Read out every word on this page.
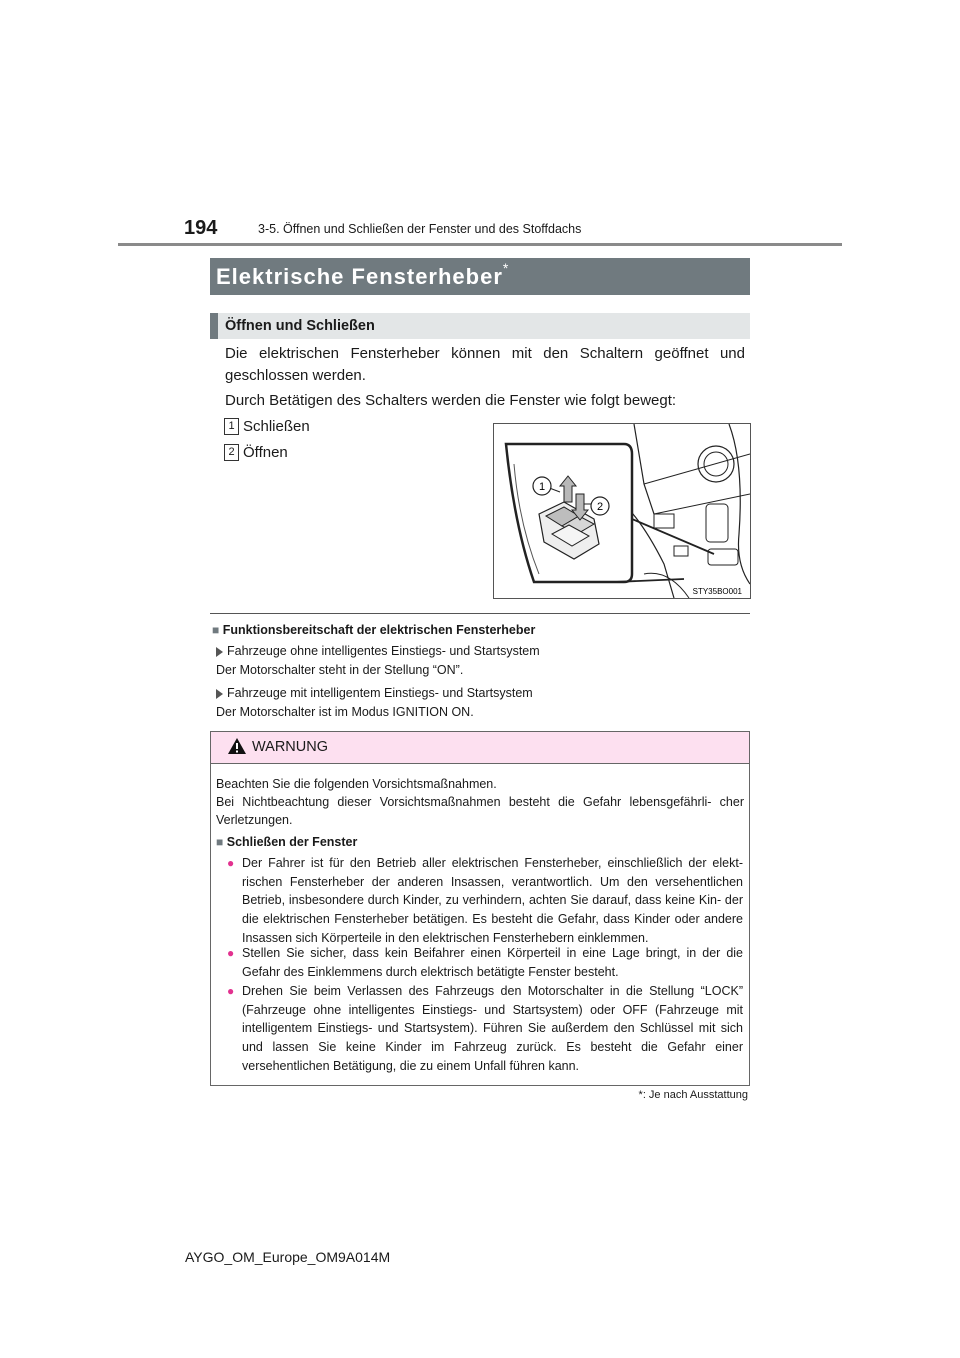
194	3-5. Öffnen und Schließen der Fenster und des Stoffdachs
Elektrische Fensterheber*
Öffnen und Schließen
Die elektrischen Fensterheber können mit den Schaltern geöffnet und geschlossen werden.
Durch Betätigen des Schalters werden die Fenster wie folgt bewegt:
1 Schließen
2 Öffnen
1
2
STY35BO001
■ Funktionsbereitschaft der elektrischen Fensterheber
Fahrzeuge ohne intelligentes Einstiegs- und Startsystem
Der Motorschalter steht in der Stellung “ON”.
Fahrzeuge mit intelligentem Einstiegs- und Startsystem
Der Motorschalter ist im Modus IGNITION ON.
WARNUNG
Beachten Sie die folgenden Vorsichtsmaßnahmen.
Bei Nichtbeachtung dieser Vorsichtsmaßnahmen besteht die Gefahr lebensgefährli- cher Verletzungen.
■ Schließen der Fenster
● Der Fahrer ist für den Betrieb aller elektrischen Fensterheber, einschließlich der elekt- rischen Fensterheber der anderen Insassen, verantwortlich. Um den versehentlichen Betrieb, insbesondere durch Kinder, zu verhindern, achten Sie darauf, dass keine Kin- der die elektrischen Fensterheber betätigen. Es besteht die Gefahr, dass Kinder oder andere Insassen sich Körperteile in den elektrischen Fensterhebern einklemmen.
● Stellen Sie sicher, dass kein Beifahrer einen Körperteil in eine Lage bringt, in der die Gefahr des Einklemmens durch elektrisch betätigte Fenster besteht.
● Drehen Sie beim Verlassen des Fahrzeugs den Motorschalter in die Stellung “LOCK” (Fahrzeuge ohne intelligentes Einstiegs- und Startsystem) oder OFF (Fahrzeuge mit intelligentem Einstiegs- und Startsystem). Führen Sie außerdem den Schlüssel mit sich und lassen Sie keine Kinder im Fahrzeug zurück. Es besteht die Gefahr einer versehentlichen Betätigung, die zu einem Unfall führen kann.
*: Je nach Ausstattung
AYGO_OM_Europe_OM9A014M
